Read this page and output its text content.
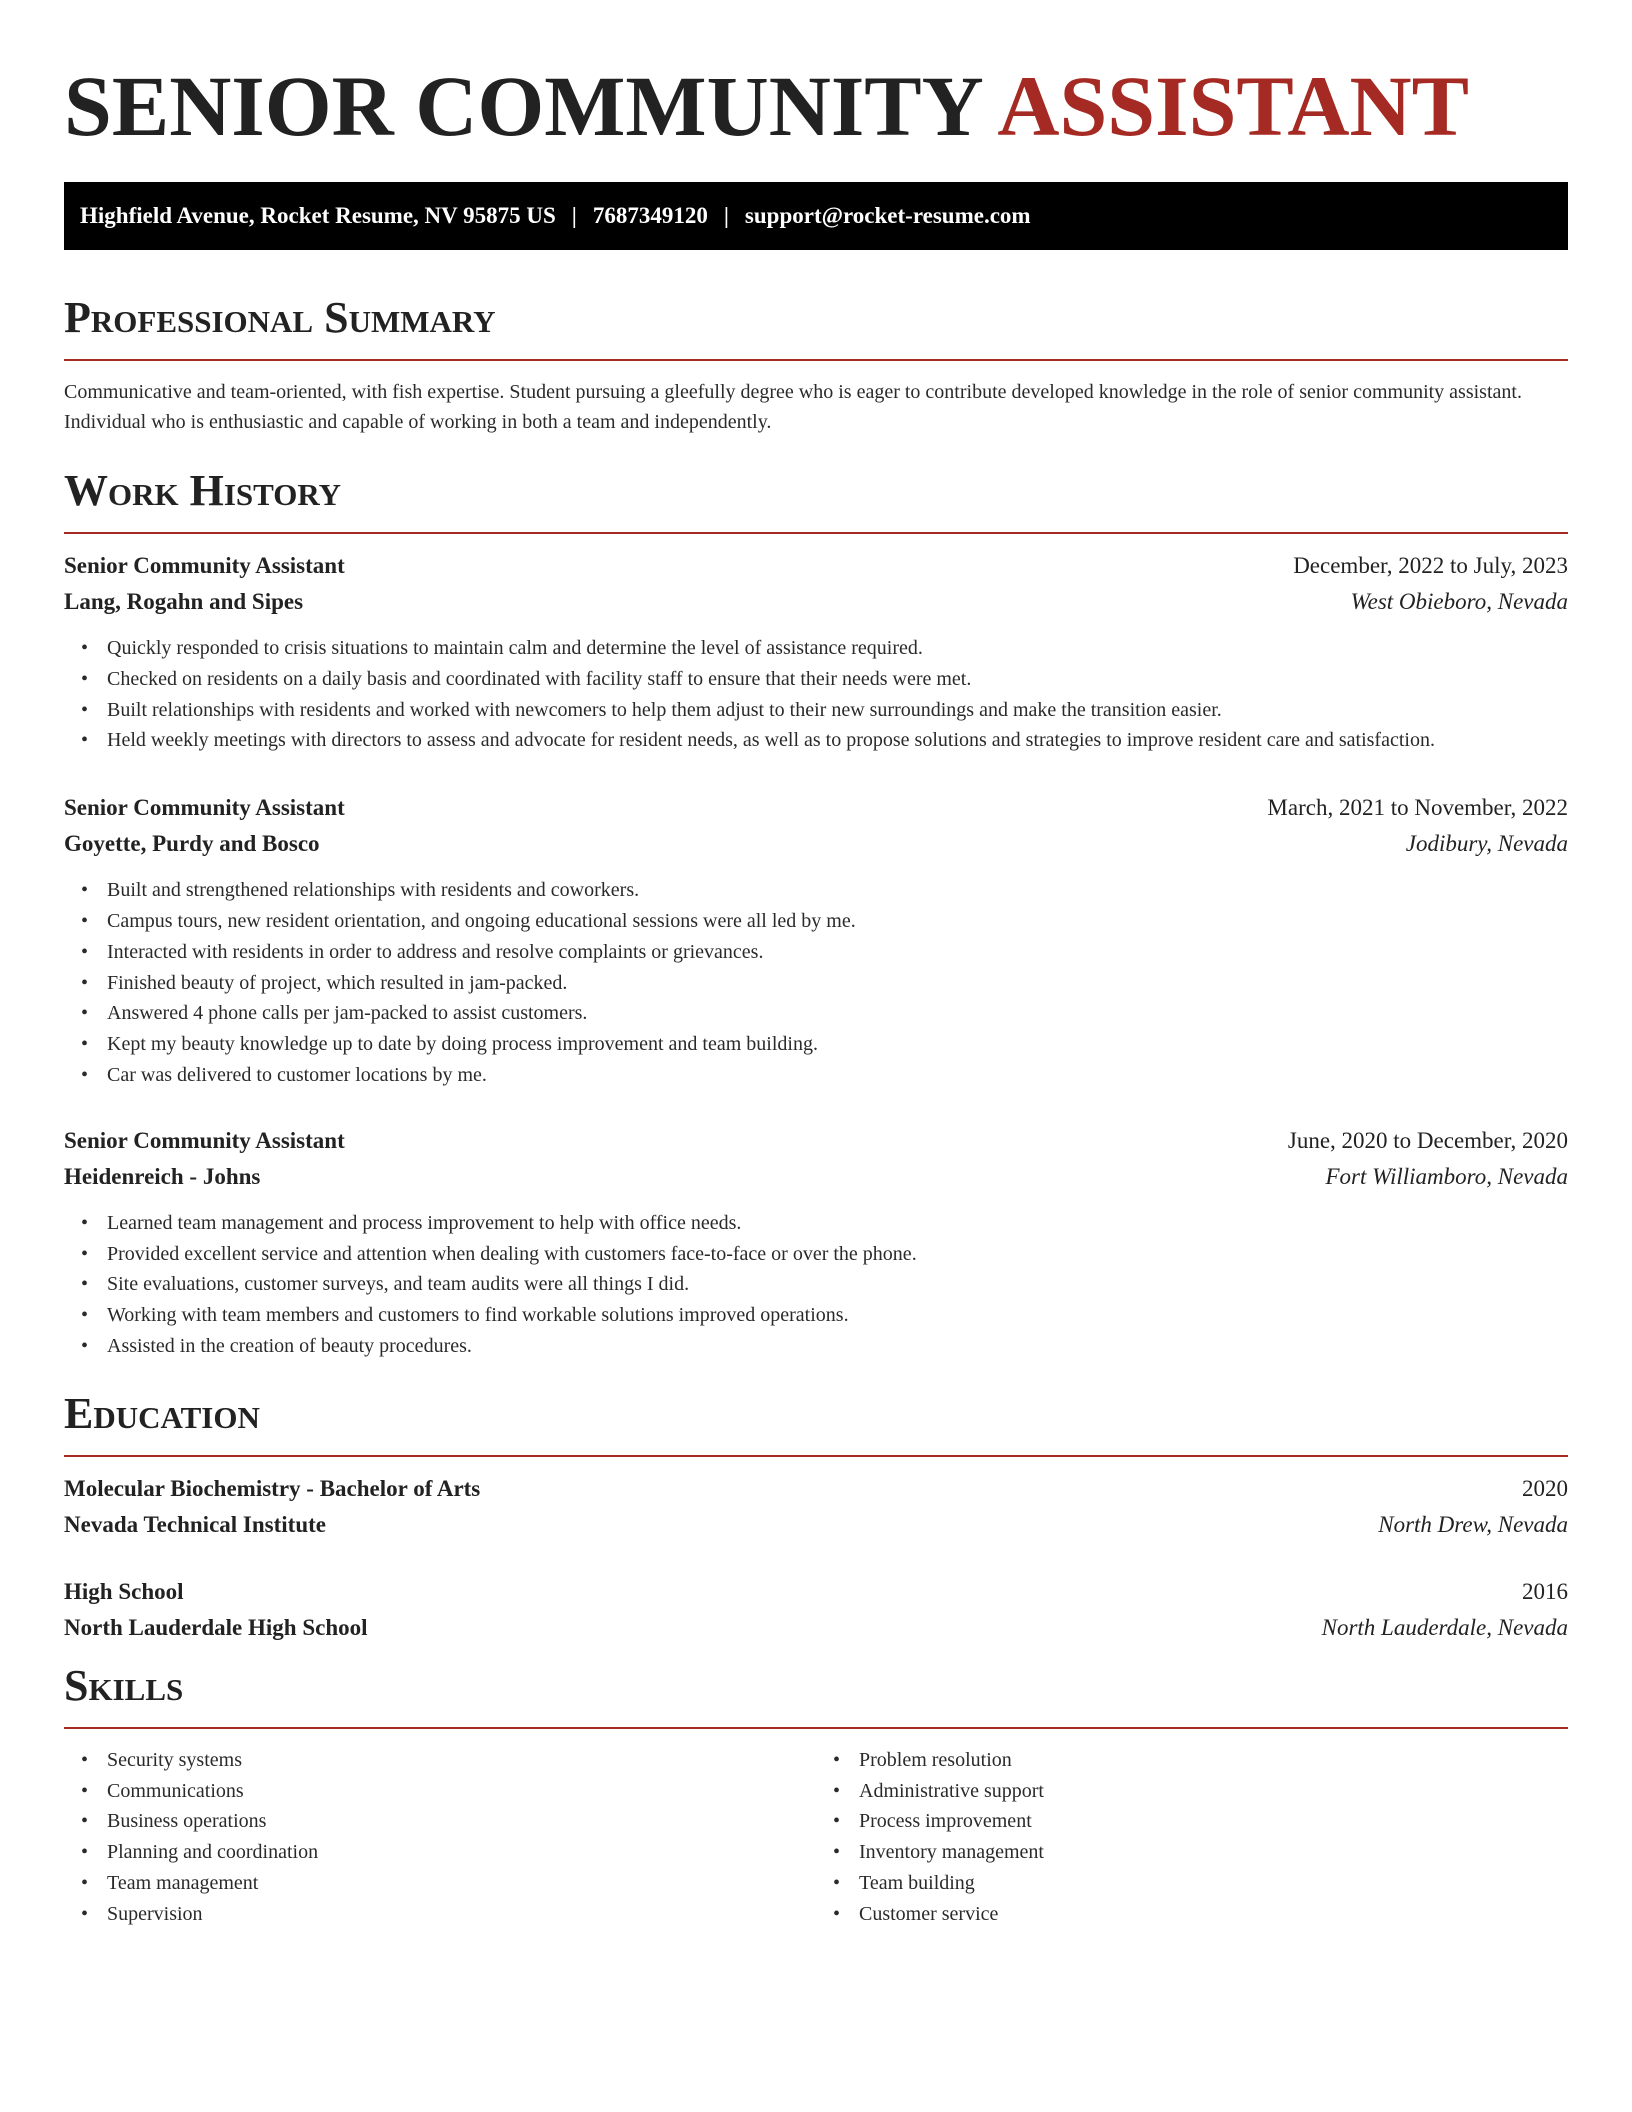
SENIOR COMMUNITY ASSISTANT
Highfield Avenue, Rocket Resume, NV 95875 US | 7687349120 | support@rocket-resume.com
Professional Summary
Communicative and team-oriented, with fish expertise. Student pursuing a gleefully degree who is eager to contribute developed knowledge in the role of senior community assistant. Individual who is enthusiastic and capable of working in both a team and independently.
Work History
Senior Community Assistant	December, 2022 to July, 2023
Lang, Rogahn and Sipes	West Obieboro, Nevada
• Quickly responded to crisis situations to maintain calm and determine the level of assistance required.
• Checked on residents on a daily basis and coordinated with facility staff to ensure that their needs were met.
• Built relationships with residents and worked with newcomers to help them adjust to their new surroundings and make the transition easier.
• Held weekly meetings with directors to assess and advocate for resident needs, as well as to propose solutions and strategies to improve resident care and satisfaction.
Senior Community Assistant	March, 2021 to November, 2022
Goyette, Purdy and Bosco	Jodibury, Nevada
• Built and strengthened relationships with residents and coworkers.
• Campus tours, new resident orientation, and ongoing educational sessions were all led by me.
• Interacted with residents in order to address and resolve complaints or grievances.
• Finished beauty of project, which resulted in jam-packed.
• Answered 4 phone calls per jam-packed to assist customers.
• Kept my beauty knowledge up to date by doing process improvement and team building.
• Car was delivered to customer locations by me.
Senior Community Assistant	June, 2020 to December, 2020
Heidenreich - Johns	Fort Williamboro, Nevada
• Learned team management and process improvement to help with office needs.
• Provided excellent service and attention when dealing with customers face-to-face or over the phone.
• Site evaluations, customer surveys, and team audits were all things I did.
• Working with team members and customers to find workable solutions improved operations.
• Assisted in the creation of beauty procedures.
Education
Molecular Biochemistry - Bachelor of Arts	2020
Nevada Technical Institute	North Drew, Nevada
High School	2016
North Lauderdale High School	North Lauderdale, Nevada
Skills
• Security systems
• Communications
• Business operations
• Planning and coordination
• Team management
• Supervision
• Problem resolution
• Administrative support
• Process improvement
• Inventory management
• Team building
• Customer service
